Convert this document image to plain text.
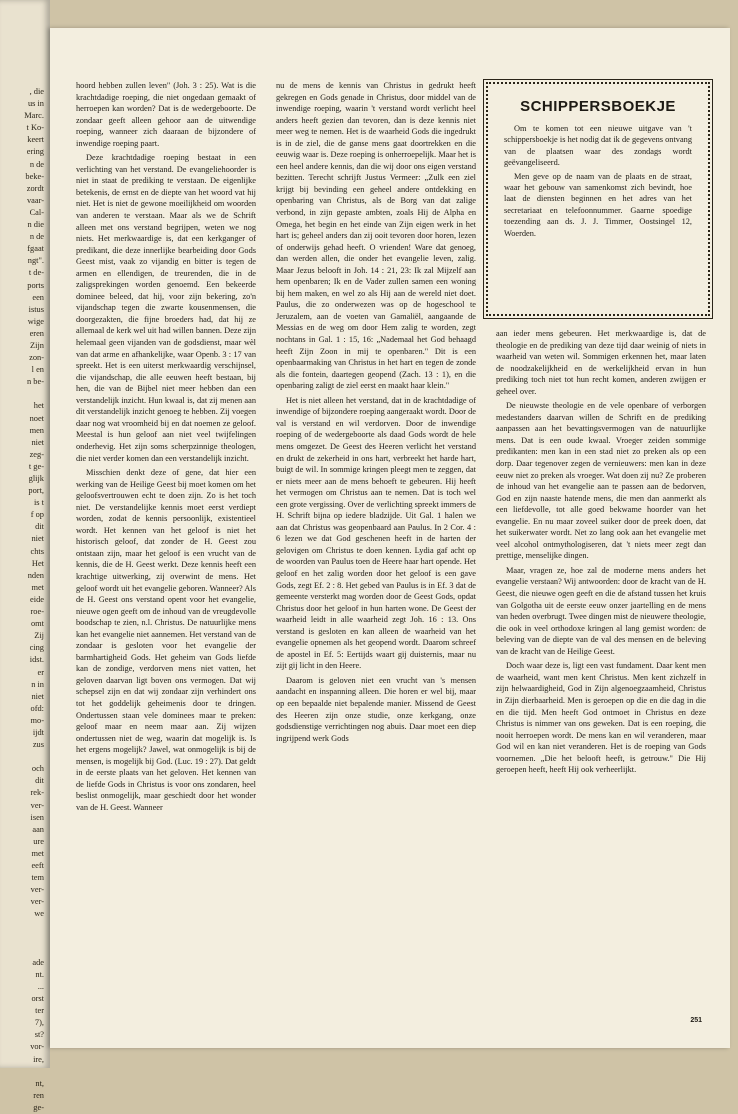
, die
us in
Marc.
t Ko-
keert
ering
n de
beke-
zordt
vaar-
Cal-
n die
n de
fgaat
ngt".
t de-
ports
een
istus
wige
eren
Zijn
zon-
l en
n be-

het
noet
men
niet
zeg-
t ge-
glijk
port,
is t
f op
dit
niet
chts
Het
nden
met
eide
roe-
omt
Zij
cing
idst.
er
n in
niet
ofd:
mo-
ijdt
zus

och
dit
rek-
ver-
isen
aan
ure
met
eeft
tem
ver-
ver-
we

ade
nt.
...
orst
ter
7),
st?
vor-
ire,

nt,
ren
ge-

hoord hebben zullen leven" (Joh. 3 : 25). Wat is die krachtdadige roeping, die niet ongedaan gemaakt of herroepen kan worden? Dat is de wedergeboorte. De zondaar geeft alleen gehoor aan de uitwendige roeping, wanneer zich daaraan de bijzondere of inwendige roeping paart.

Deze krachtdadige roeping bestaat in een verlichting van het verstand. De evangeliehoorder is niet in staat de prediking te verstaan. De eigenlijke betekenis, de ernst en de diepte van het woord vat hij niet. Het is niet de gewone moeilijkheid om woorden van anderen te verstaan. Maar als we de Schrift alleen met ons verstand begrijpen, weten we nog niets. Het merkwaardige is, dat een kerkganger of predikant, die deze innerlijke bearbeiding door Gods Geest mist, vaak zo vijandig en bitter is tegen de armen en ellendigen, de treurenden, die in de zaligsprekingen worden genoemd. Een bekeerde dominee beleed, dat hij, voor zijn bekering, zo'n vijandschap tegen die zwarte kousenmensen, die doorgezakten, die fijne broeders had, dat hij ze allemaal de kerk wel uit had willen bannen. Deze zijn helemaal geen vijanden van de godsdienst, maar wèl van dat arme en afhankelijke, waar Openb. 3 : 17 van spreekt. Het is een uiterst merkwaardig verschijnsel, die vijandschap, die alle eeuwen heeft bestaan, bij hen, die van de Bijbel niet meer hebben dan een verstandelijk inzicht. Hun kwaal is, dat zij menen aan dit verstandelijk inzicht genoeg te hebben. Zij voegen daar nog wat vroomheid bij en dat noemen ze geloof. Meestal is hun geloof aan niet veel twijfelingen onderhevig. Het zijn soms scherpzinnige theologen, die niet verder komen dan een verstandelijk inzicht.

Misschien denkt deze of gene, dat hier een werking van de Heilige Geest bij moet komen om het geloofsvertrouwen echt te doen zijn. Zo is het toch niet. De verstandelijke kennis moet eerst verdiept worden, zodat de kennis persoonlijk, existentieel wordt. Het kennen van het geloof is niet het historisch geloof, dat zonder de H. Geest zou ontstaan zijn, maar het geloof is een vrucht van de kennis, die de H. Geest werkt. Deze kennis heeft een krachtige uitwerking, zij overwint de mens. Het geloof wordt uit het evangelie geboren. Wanneer? Als de H. Geest ons verstand opent voor het evangelie, nieuwe ogen geeft om de inhoud van de vreugdevolle boodschap te zien, n.l. Christus. De natuurlijke mens kan het evangelie niet aannemen. Het verstand van de zondaar is gesloten voor het evangelie der barmhartigheid Gods. Het geheim van Gods liefde kan de zondige, verdorven mens niet vatten, het geloven daarvan ligt boven ons vermogen. Dat wij schepsel zijn en dat wij zondaar zijn verhindert ons tot het goddelijk geheimenis door te dringen. Ondertussen staan vele dominees maar te preken: geloof maar en neem maar aan. Zij wijzen ondertussen niet de weg, waarin dat mogelijk is. Is het ergens mogelijk? Jawel, wat onmogelijk is bij de mensen, is mogelijk bij God. (Luc. 19 : 27). Dat geldt in de eerste plaats van het geloven. Het kennen van de liefde Gods in Christus is voor ons zondaren, heel beslist onmogelijk, maar geschiedt door het wonder van de H. Geest. Wanneer

nu de mens de kennis van Christus in gedrukt heeft gekregen en Gods genade in Christus, door middel van de inwendige roeping, waarin 't verstand wordt verlicht heel anders heeft gezien dan tevoren, dan is deze kennis niet meer weg te nemen. Het is de waarheid Gods die ingedrukt is in de ziel, die de ganse mens gaat doortrekken en die eeuwig waar is. Deze roeping is onherroepelijk. Maar het is een heel andere kennis, dan die wij door ons eigen verstand bezitten. Terecht schrijft Justus Vermeer: „Zulk een ziel krijgt bij bevinding een geheel andere ontdekking en openbaring van Christus, als de Borg van dat zalige verbond, in zijn gepaste ambten, zoals Hij de Alpha en Omega, het begin en het einde van Zijn eigen werk in het hart is; geheel anders dan zij ooit tevoren door horen, lezen of onderwijs gehad heeft. O vrienden! Ware dat genoeg, dan werden allen, die onder het evangelie leven, zalig. Maar Jezus belooft in Joh. 14 : 21, 23: Ik zal Mijzelf aan hem openbaren; Ik en de Vader zullen samen een woning bij hem maken, en wel zo als Hij aan de wereld niet doet. Paulus, die zo onderwezen was op de hogeschool te Jeruzalem, aan de voeten van Gamaliël, aangaande de Messias en de weg om door Hem zalig te worden, zegt nochtans in Gal. 1 : 15, 16: „Nademaal het God behaagd heeft Zijn Zoon in mij te openbaren." Dit is een openbaarmaking van Christus in het hart en tegen de zonde als die fontein, daartegen geopend (Zach. 13 : 1), en die openbaring zaligt de ziel eerst en maakt haar klein."

Het is niet alleen het verstand, dat in de krachtdadige of inwendige of bijzondere roeping aangeraakt wordt. Door de val is verstand en wil verdorven. Door de inwendige roeping of de wedergeboorte als daad Gods wordt de hele mens omgezet. De Geest des Heeren verlicht het verstand en drukt de zekerheid in ons hart, verbreekt het harde hart, buigt de wil. In sommige kringen pleegt men te zeggen, dat er niets meer aan de mens behoeft te gebeuren. Hij heeft het vermogen om Christus aan te nemen. Dat is toch wel een grote vergissing. Over de verlichting spreekt immers de H. Schrift bijna op iedere bladzijde. Uit Gal. 1 halen we aan dat Christus was geopenbaard aan Paulus. In 2 Cor. 4 : 6 lezen we dat God geschenen heeft in de harten der gelovigen om Christus te doen kennen. Lydia gaf acht op de woorden van Paulus toen de Heere haar hart opende. Het geloof en het zalig worden door het geloof is een gave Gods, zegt Ef. 2 : 8. Het gebed van Paulus is in Ef. 3 dat de gemeente versterkt mag worden door de Geest Gods, opdat Christus door het geloof in hun harten wone. De Geest der waarheid leidt in alle waarheid zegt Joh. 16 : 13. Ons verstand is gesloten en kan alleen de waarheid van het evangelie opnemen als het geopend wordt. Daarom schreef de apostel in Ef. 5: Eertijds waart gij duisternis, maar nu zijt gij licht in den Heere.

Daarom is geloven niet een vrucht van 's mensen aandacht en inspanning alleen. Die horen er wel bij, maar op een bepaalde niet bepalende manier. Missend de Geest des Heeren zijn onze studie, onze kerkgang, onze godsdienstige verrichtingen nog abuis. Daar moet een diep ingrijpend werk Gods

SCHIPPERSBOEKJE

Om te komen tot een nieuwe uitgave van 't schippersboekje is het nodig dat ik de gegevens ontvang van de plaatsen waar des zondags wordt geëvangeliseerd.

Men geve op de naam van de plaats en de straat, waar het gebouw van samenkomst zich bevindt, hoe laat de diensten beginnen en het adres van het secretariaat en telefoonnummer. Gaarne spoedige toezending aan ds. J. J. Timmer, Oostsingel 12, Woerden.

aan ieder mens gebeuren. Het merkwaardige is, dat de theologie en de prediking van deze tijd daar weinig of niets in waarheid van weten wil. Sommigen erkennen het, maar laten de noodzakelijkheid en de werkelijkheid ervan in hun prediking toch niet tot hun recht komen, anderen zwijgen er geheel over.

De nieuwste theologie en de vele openbare of verborgen medestanders daarvan willen de Schrift en de prediking aanpassen aan het bevattingsvermogen van de natuurlijke mens. Dat is een oude kwaal. Vroeger zeiden sommige predikanten: men kan in een stad niet zo preken als op een dorp. Daar tegenover zegen de vernieuwers: men kan in deze eeuw niet zo preken als vroeger. Wat doen zij nu? Ze proberen de inhoud van het evangelie aan te passen aan de bedorven, God en zijn naaste hatende mens, die men dan aanmerkt als een liefdevolle, tot alle goed bekwame hoorder van het evangelie. En nu maar zoveel suiker door de preek doen, dat het suikerwater wordt. Net zo lang ook aan het evangelie met veel alcohol ontmythologiseren, dat 't niets meer zegt dan prettige, menselijke dingen.

Maar, vragen ze, hoe zal de moderne mens anders het evangelie verstaan? Wij antwoorden: door de kracht van de H. Geest, die nieuwe ogen geeft en die de afstand tussen het kruis van Golgotha uit de eerste eeuw onzer jaartelling en de mens van heden overbrugt. Twee dingen mist de nieuwere theologie, die ook in veel orthodoxe kringen al lang gemist worden: de beleving van de diepte van de val des mensen en de beleving van de kracht van de Heilige Geest.

Doch waar deze is, ligt een vast fundament. Daar kent men de waarheid, want men kent Christus. Men kent zichzelf in zijn helwaardigheid, God in Zijn algenoegzaamheid, Christus in Zijn dierbaarheid. Men is geroepen op die en die dag in die en die tijd. Men heeft God ontmoet in Christus en deze Christus is nimmer van ons geweken. Dat is een roeping, die nooit herroepen wordt. De mens kan en wil veranderen, maar God wil en kan niet veranderen. Het is de roeping van Gods voornemen. „Die het belooft heeft, is getrouw." Die Hij geroepen heeft, heeft Hij ook verheerlijkt.

251
